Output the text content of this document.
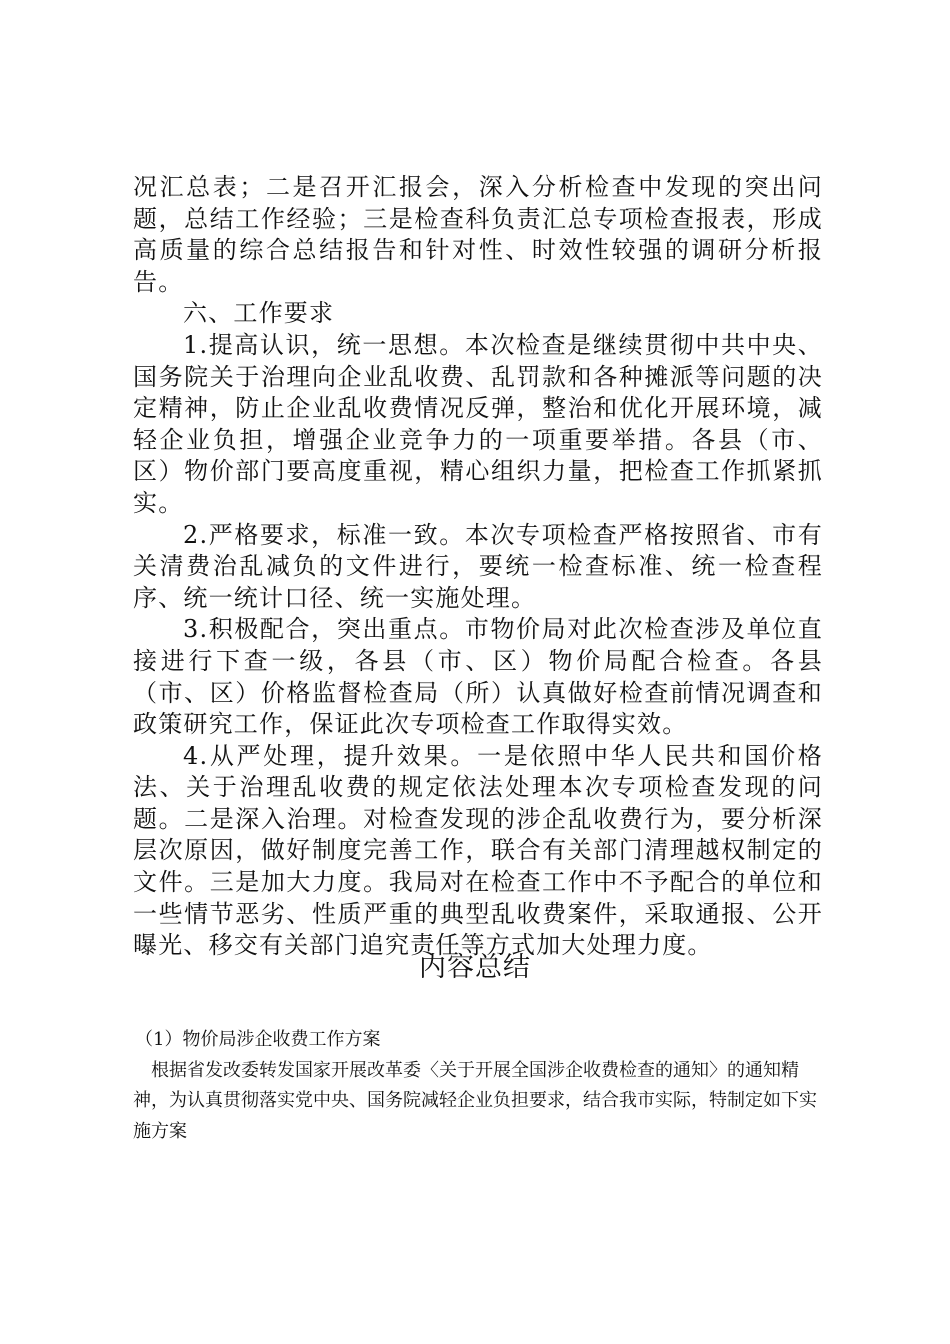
况汇总表；二是召开汇报会，深入分析检查中发现的突出问题，总结工作经验；三是检查科负责汇总专项检查报表，形成高质量的综合总结报告和针对性、时效性较强的调研分析报告。

六、工作要求

1.提高认识，统一思想。本次检查是继续贯彻中共中央、国务院关于治理向企业乱收费、乱罚款和各种摊派等问题的决定精神，防止企业乱收费情况反弹，整治和优化开展环境，减轻企业负担，增强企业竞争力的一项重要举措。各县（市、区）物价部门要高度重视，精心组织力量，把检查工作抓紧抓实。

2.严格要求，标准一致。本次专项检查严格按照省、市有关清费治乱减负的文件进行，要统一检查标准、统一检查程序、统一统计口径、统一实施处理。

3.积极配合，突出重点。市物价局对此次检查涉及单位直接进行下查一级，各县（市、区）物价局配合检查。各县（市、区）价格监督检查局（所）认真做好检查前情况调查和政策研究工作，保证此次专项检查工作取得实效。

4.从严处理，提升效果。一是依照中华人民共和国价格法、关于治理乱收费的规定依法处理本次专项检查发现的问题。二是深入治理。对检查发现的涉企乱收费行为，要分析深层次原因，做好制度完善工作，联合有关部门清理越权制定的文件。三是加大力度。我局对在检查工作中不予配合的单位和一些情节恶劣、性质严重的典型乱收费案件，采取通报、公开曝光、移交有关部门追究责任等方式加大处理力度。

内容总结

（1）物价局涉企收费工作方案

根据省发改委转发国家开展改革委〈关于开展全国涉企收费检查的通知〉的通知精神，为认真贯彻落实党中央、国务院减轻企业负担要求，结合我市实际，特制定如下实施方案
